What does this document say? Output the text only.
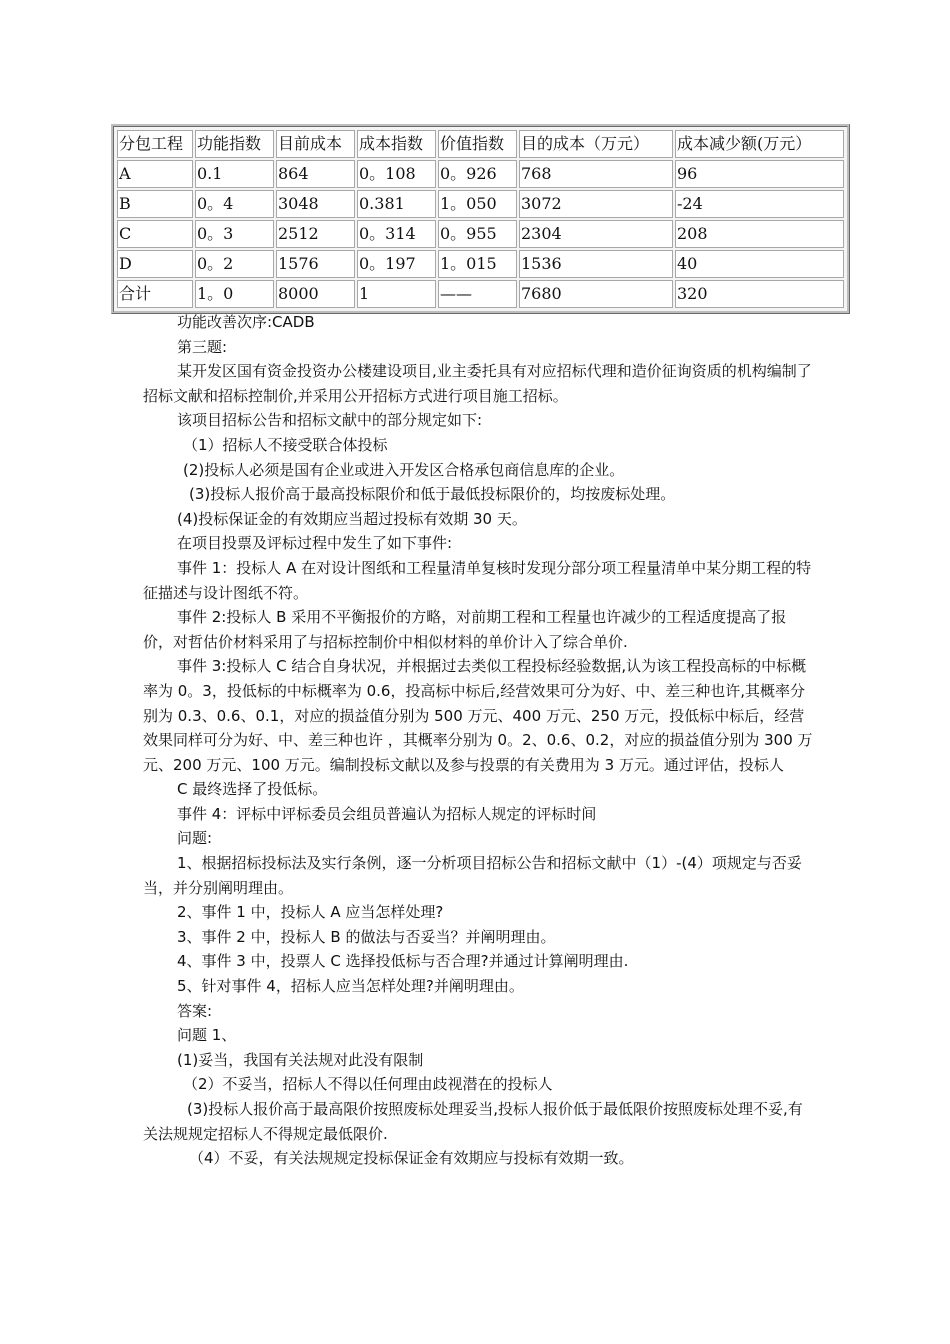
分包工程	功能指数	目前成本	成本指数	价值指数	目的成本（万元）	成本减少额(万元）
A	0.1	864	0。108	0。926	768	96
B	0。4	3048	0.381	1。050	3072	-24
C	0。3	2512	0。314	0。955	2304	208
D	0。2	1576	0。197	1。015	1536	40
合计	1。0	8000	1	——	7680	320

功能改善次序:CADB

第三题:

某开发区国有资金投资办公楼建设项目,业主委托具有对应招标代理和造价征询资质的机构编制了招标文献和招标控制价,并采用公开招标方式进行项目施工招标。

该项目招标公告和招标文献中的部分规定如下:

（1）招标人不接受联合体投标

(2)投标人必须是国有企业或进入开发区合格承包商信息库的企业。

(3)投标人报价高于最高投标限价和低于最低投标限价的，均按废标处理。

(4)投标保证金的有效期应当超过投标有效期 30 天。

在项目投票及评标过程中发生了如下事件:

事件 1：投标人 A 在对设计图纸和工程量清单复核时发现分部分项工程量清单中某分期工程的特征描述与设计图纸不符。

事件 2:投标人 B 采用不平衡报价的方略，对前期工程和工程量也许减少的工程适度提高了报价，对哲估价材料采用了与招标控制价中相似材料的单价计入了综合单价.

事件 3:投标人 C 结合自身状况，并根据过去类似工程投标经验数据,认为该工程投高标的中标概率为 0。3，投低标的中标概率为 0.6，投高标中标后,经营效果可分为好、中、差三种也许,其概率分别为 0.3、0.6、0.1，对应的损益值分别为 500 万元、400 万元、250 万元，投低标中标后，经营效果同样可分为好、中、差三种也许 ，其概率分别为 0。2、0.6、0.2，对应的损益值分别为 300 万元、200 万元、100 万元。编制投标文献以及参与投票的有关费用为 3 万元。通过评估，投标人

C 最终选择了投低标。

事件 4：评标中评标委员会组员普遍认为招标人规定的评标时间

问题:

1、根据招标投标法及实行条例，逐一分析项目招标公告和招标文献中（1）-(4）项规定与否妥当，并分别阐明理由。

2、事件 1 中，投标人 A 应当怎样处理?

3、事件 2 中，投标人 B 的做法与否妥当？并阐明理由。

4、事件 3 中，投票人 C 选择投低标与否合理?并通过计算阐明理由.

5、针对事件 4，招标人应当怎样处理?并阐明理由。

答案:

问题 1、

(1)妥当，我国有关法规对此没有限制

（2）不妥当，招标人不得以任何理由歧视潜在的投标人

(3)投标人报价高于最高限价按照废标处理妥当,投标人报价低于最低限价按照废标处理不妥,有关法规规定招标人不得规定最低限价.

（4）不妥，有关法规规定投标保证金有效期应与投标有效期一致。
